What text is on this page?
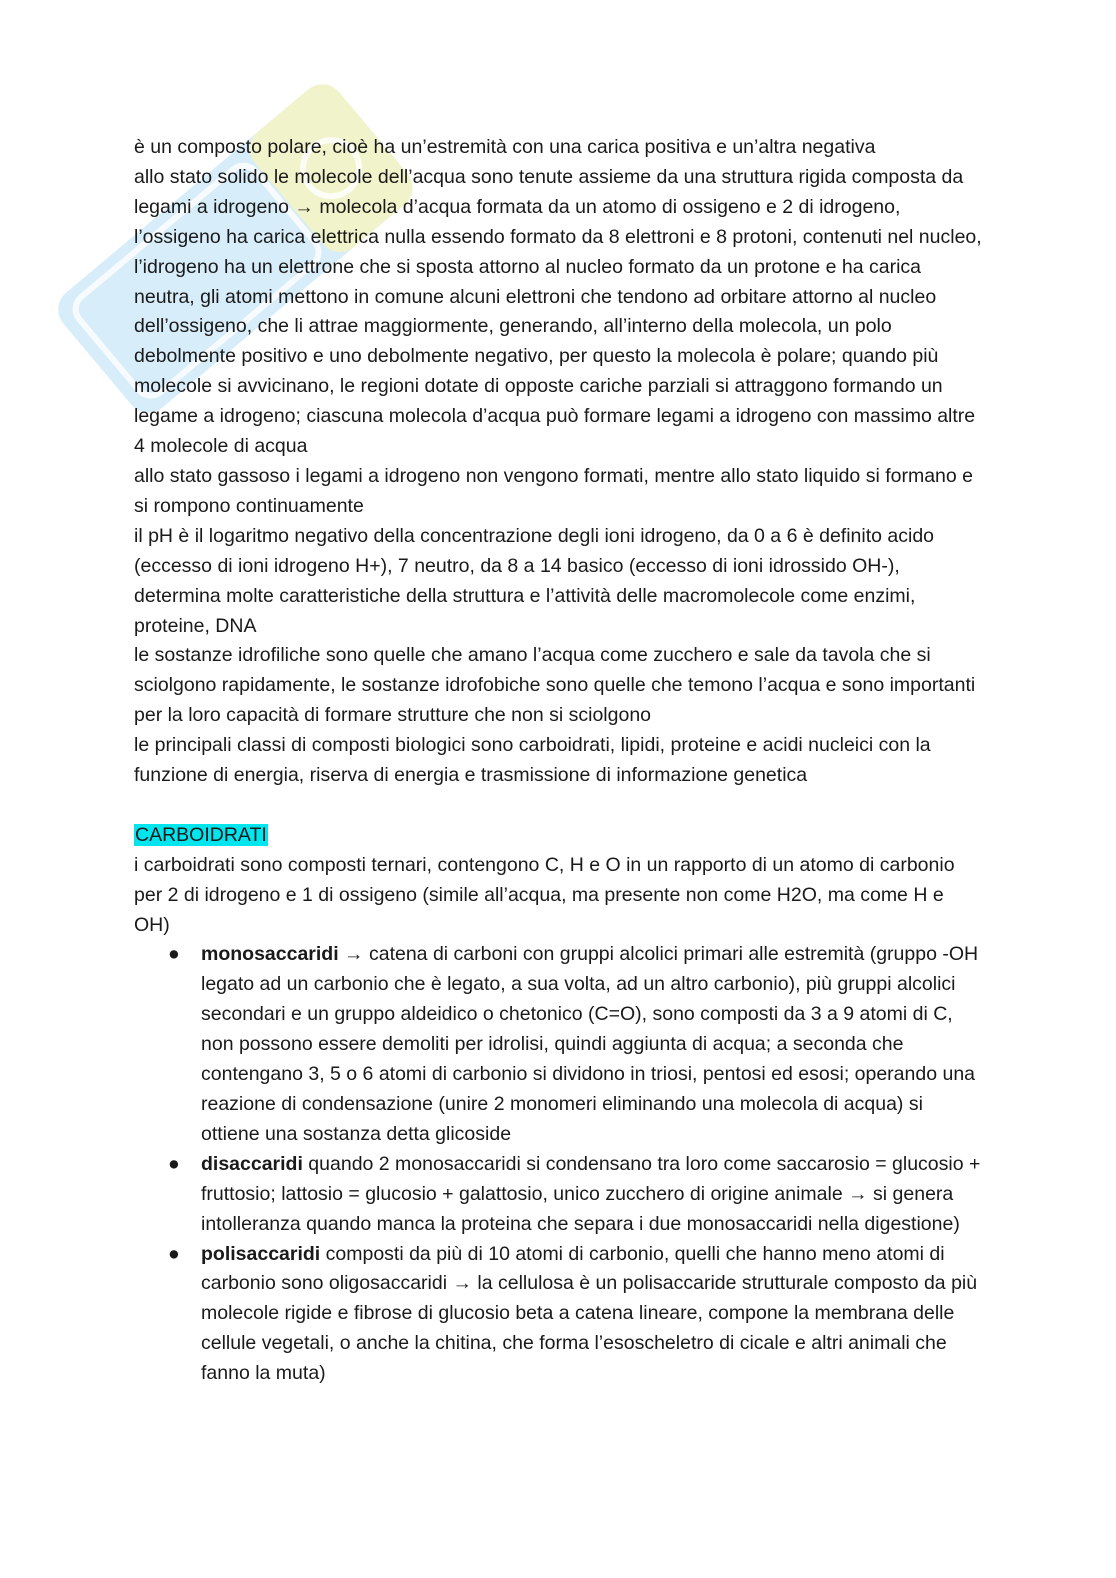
è un composto polare, cioè ha un’estremità con una carica positiva e un’altra negativa

allo stato solido le molecole dell’acqua sono tenute assieme da una struttura rigida composta da legami a idrogeno → molecola d’acqua formata da un atomo di ossigeno e 2 di idrogeno, l’ossigeno ha carica elettrica nulla essendo formato da 8 elettroni e 8 protoni, contenuti nel nucleo, l’idrogeno ha un elettrone che si sposta attorno al nucleo formato da un protone e ha carica neutra, gli atomi mettono in comune alcuni elettroni che tendono ad orbitare attorno al nucleo dell’ossigeno, che li attrae maggiormente, generando, all’interno della molecola, un polo debolmente positivo e uno debolmente negativo, per questo la molecola è polare; quando più molecole si avvicinano, le regioni dotate di opposte cariche parziali si attraggono formando un legame a idrogeno; ciascuna molecola d’acqua può formare legami a idrogeno con massimo altre 4 molecole di acqua

allo stato gassoso i legami a idrogeno non vengono formati, mentre allo stato liquido si formano e si rompono continuamente

il pH è il logaritmo negativo della concentrazione degli ioni idrogeno, da 0 a 6 è definito acido (eccesso di ioni idrogeno H+), 7 neutro, da 8 a 14 basico (eccesso di ioni idrossido OH-), determina molte caratteristiche della struttura e l’attività delle macromolecole come enzimi, proteine, DNA

le sostanze idrofiliche sono quelle che amano l’acqua come zucchero e sale da tavola che si sciolgono rapidamente, le sostanze idrofobiche sono quelle che temono l’acqua e sono importanti per la loro capacità di formare strutture che non si sciolgono

le principali classi di composti biologici sono carboidrati, lipidi, proteine e acidi nucleici con la funzione di energia, riserva di energia e trasmissione di informazione genetica

CARBOIDRATI

i carboidrati sono composti ternari, contengono C, H e O in un rapporto di un atomo di carbonio per 2 di idrogeno e 1 di ossigeno (simile all’acqua, ma presente non come H2O, ma come H e OH)

● monosaccaridi → catena di carboni con gruppi alcolici primari alle estremità (gruppo -OH legato ad un carbonio che è legato, a sua volta, ad un altro carbonio), più gruppi alcolici secondari e un gruppo aldeidico o chetonico (C=O), sono composti da 3 a 9 atomi di C, non possono essere demoliti per idrolisi, quindi aggiunta di acqua; a seconda che contengano 3, 5 o 6 atomi di carbonio si dividono in triosi, pentosi ed esosi; operando una reazione di condensazione (unire 2 monomeri eliminando una molecola di acqua) si ottiene una sostanza detta glicoside
● disaccaridi quando 2 monosaccaridi si condensano tra loro come saccarosio = glucosio + fruttosio; lattosio = glucosio + galattosio, unico zucchero di origine animale → si genera intolleranza quando manca la proteina che separa i due monosaccaridi nella digestione)
● polisaccaridi composti da più di 10 atomi di carbonio, quelli che hanno meno atomi di carbonio sono oligosaccaridi → la cellulosa è un polisaccaride strutturale composto da più molecole rigide e fibrose di glucosio beta a catena lineare, compone la membrana delle cellule vegetali, o anche la chitina, che forma l’esoscheletro di cicale e altri animali che fanno la muta)
